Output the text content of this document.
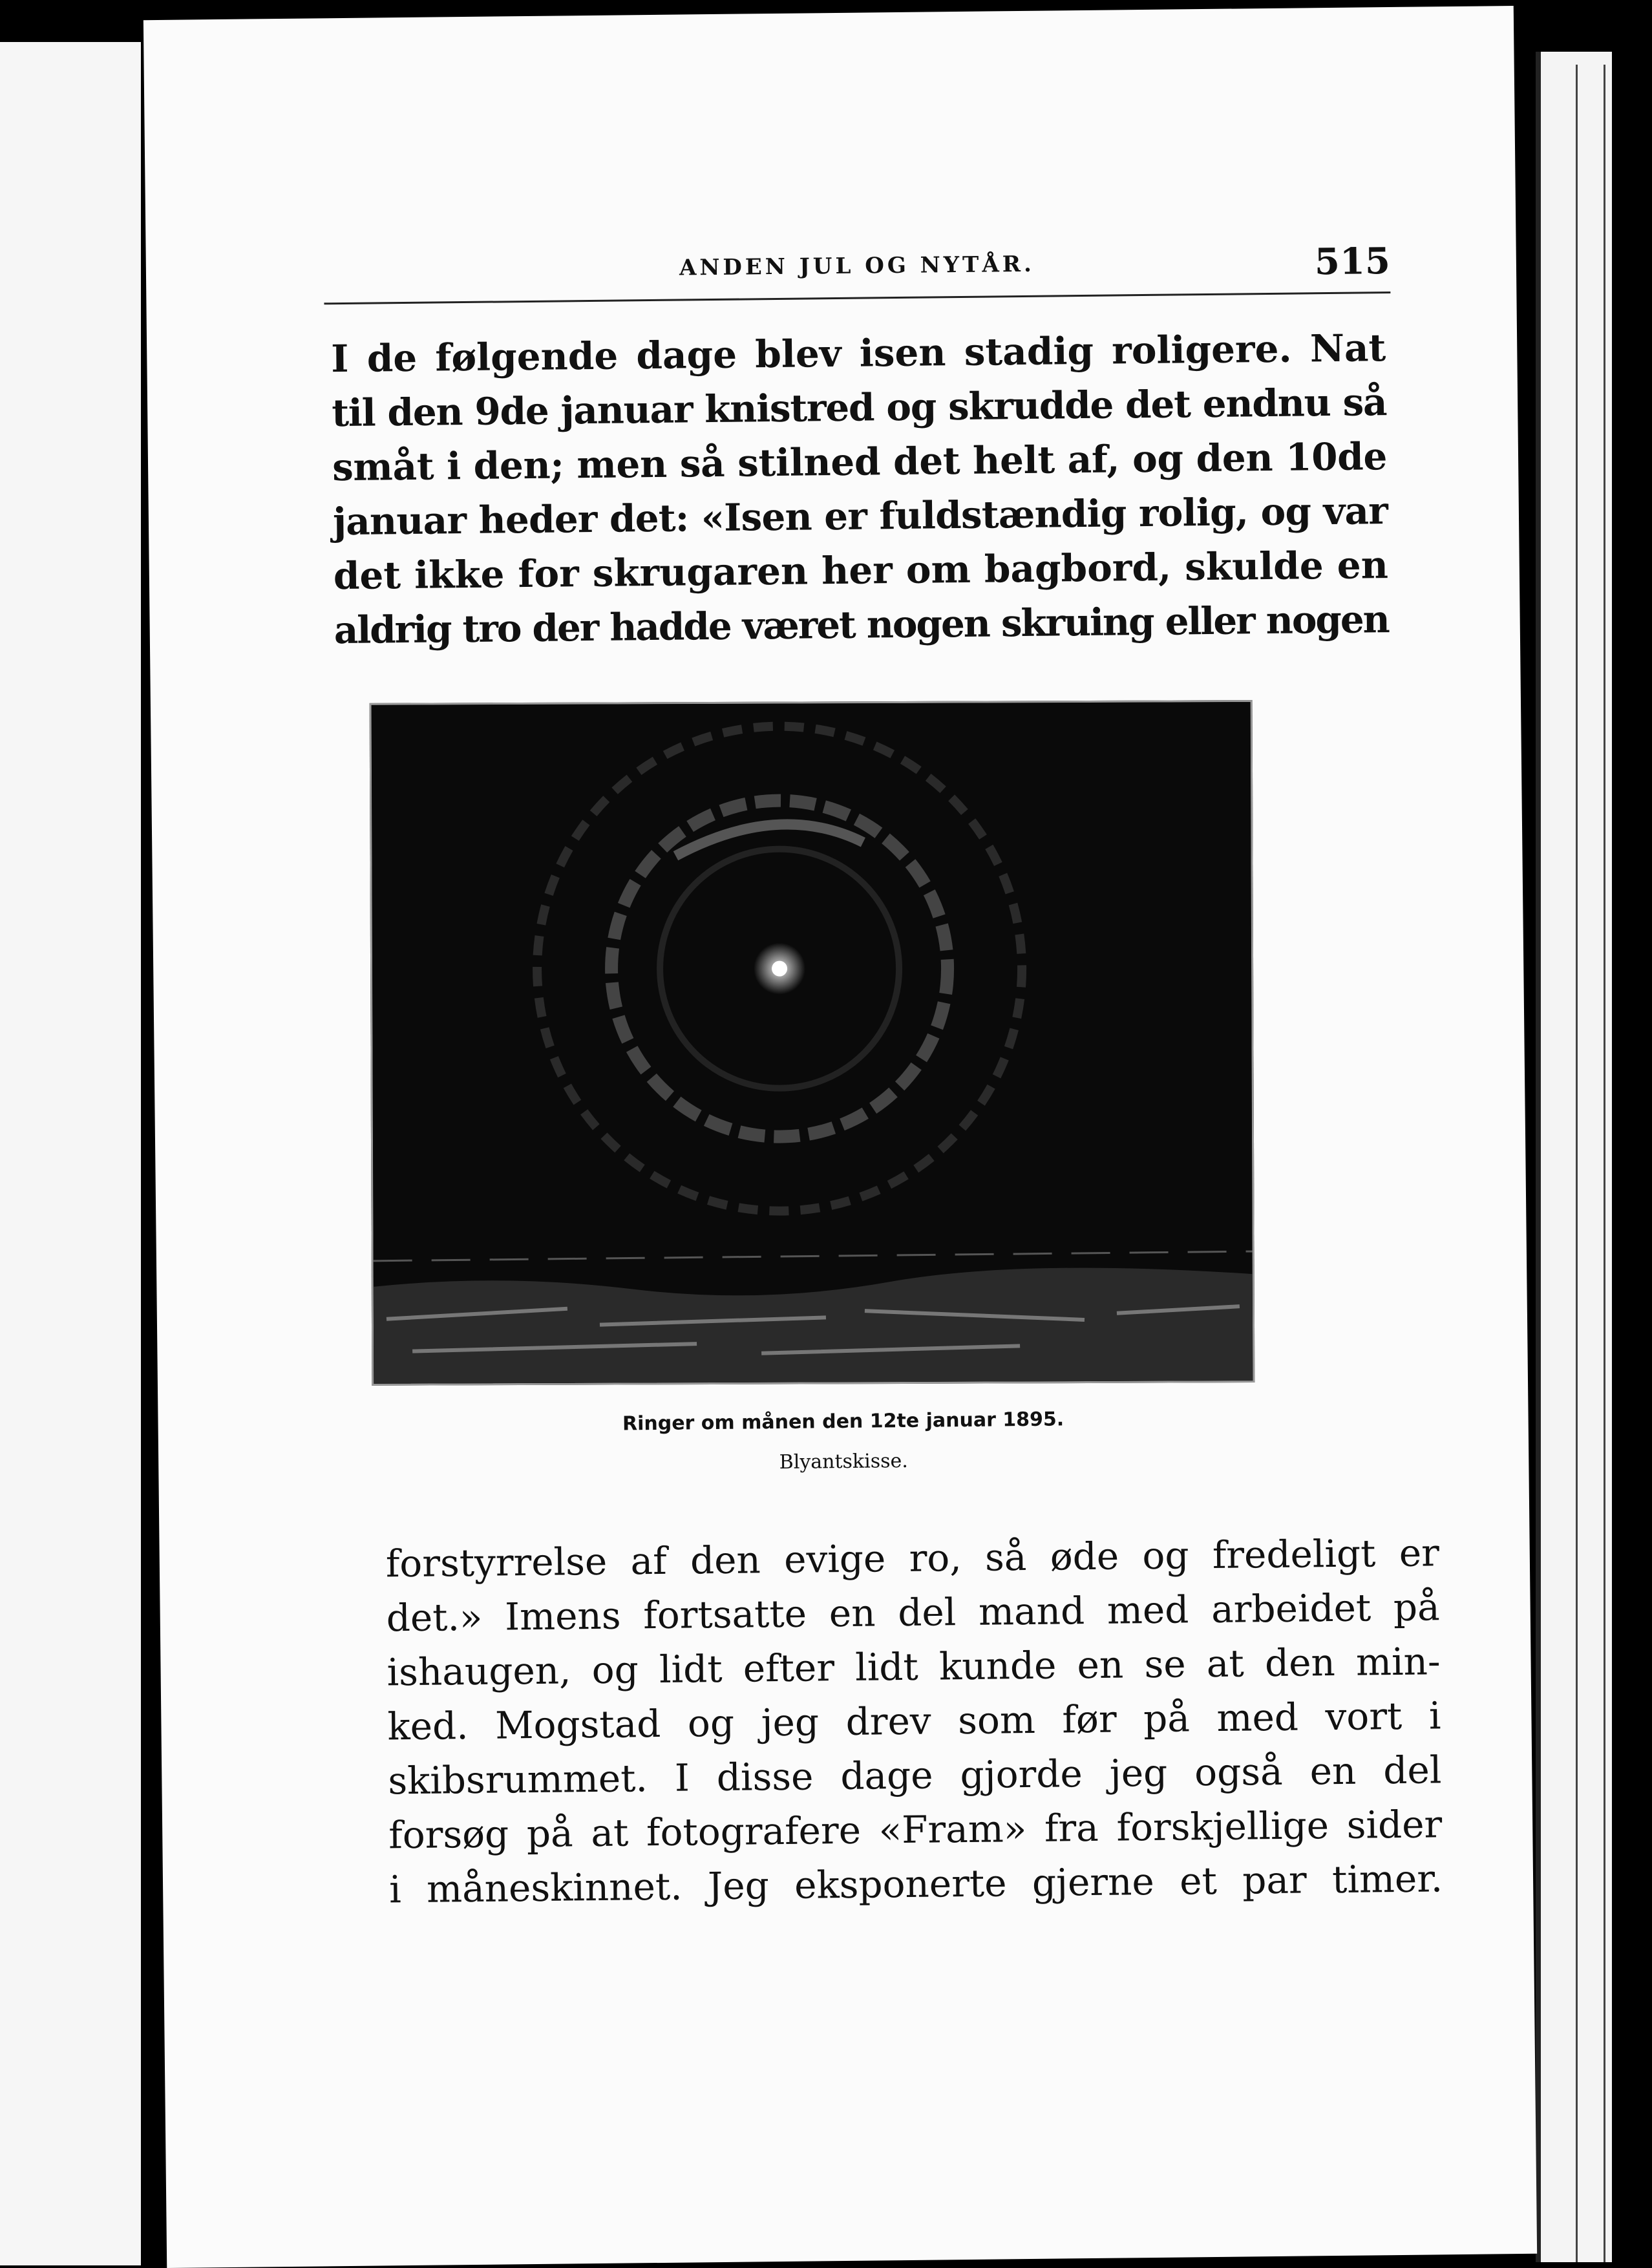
ANDEN JUL OG NYTÅR.	515
I de følgende dage blev isen stadig roligere. Nat
til den 9de januar knistred og skrudde det endnu så
småt i den; men så stilned det helt af, og den 10de
januar heder det: «Isen er fuldstændig rolig, og var
det ikke for skrugaren her om bagbord, skulde en
aldrig tro der hadde været nogen skruing eller nogen
Ringer om månen den 12te januar 1895.
Blyantskisse.
forstyrrelse af den evige ro, så øde og fredeligt er
det.» Imens fortsatte en del mand med arbeidet på
ishaugen, og lidt efter lidt kunde en se at den min-
ked. Mogstad og jeg drev som før på med vort i
skibsrummet. I disse dage gjorde jeg også en del
forsøg på at fotografere «Fram» fra forskjellige sider
i måneskinnet. Jeg eksponerte gjerne et par timer.
